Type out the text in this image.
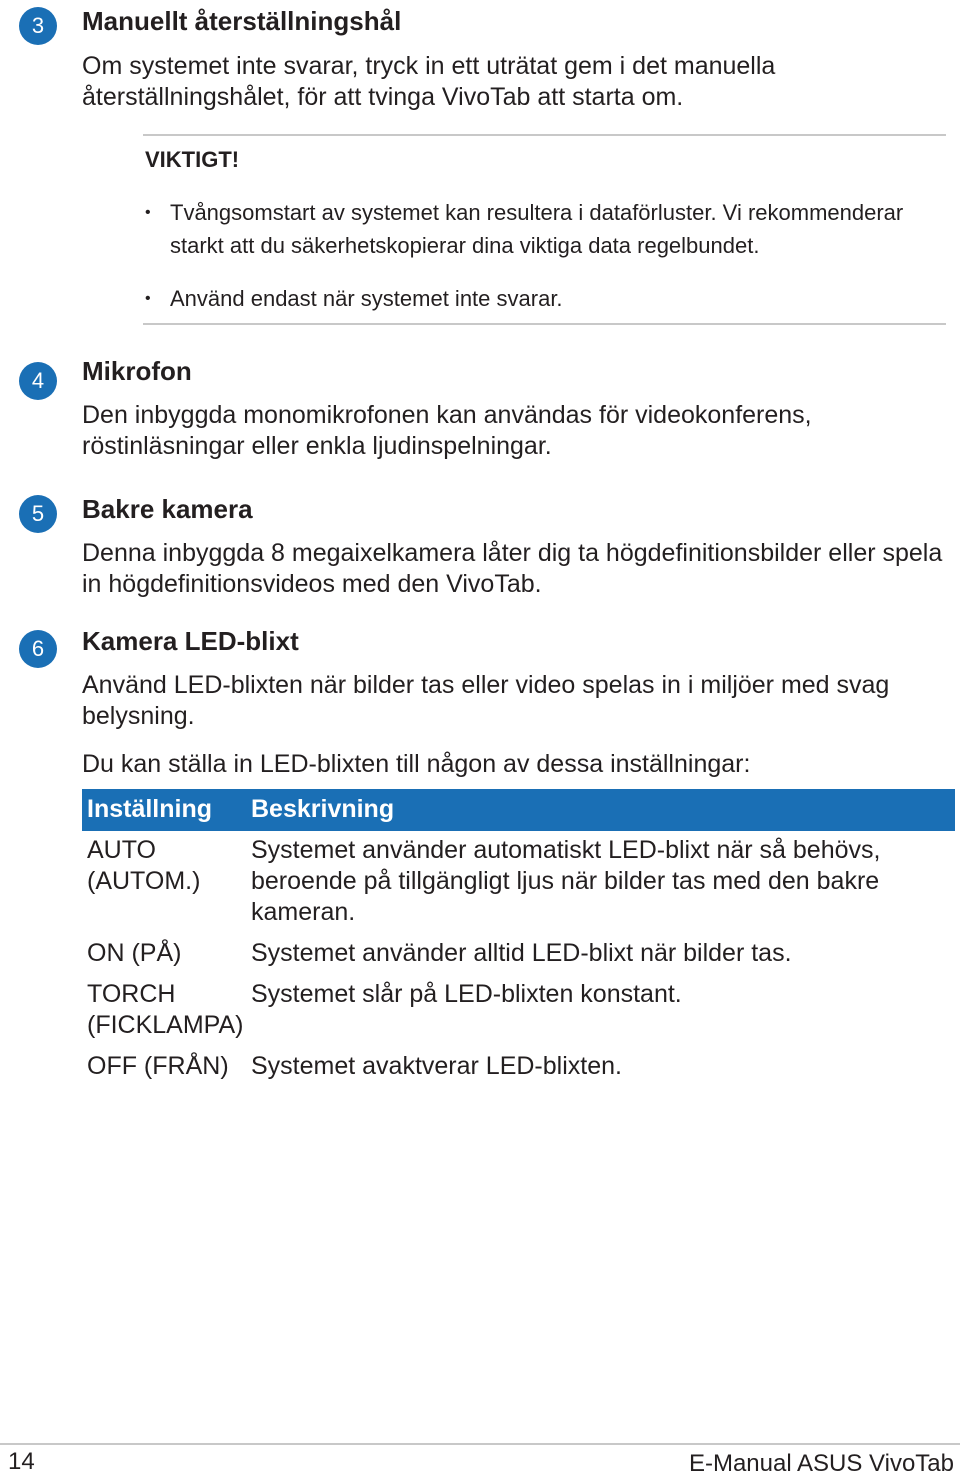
3	Manuellt återställningshål

Om systemet inte svarar, tryck in ett uträtat gem i det manuella återställningshålet, för att tvinga VivoTab att starta om.

VIKTIGT!

• Tvångsomstart av systemet kan resultera i dataförluster. Vi rekommenderar starkt att du säkerhetskopierar dina viktiga data regelbundet.

• Använd endast när systemet inte svarar.

4	Mikrofon

Den inbyggda monomikrofonen kan användas för videokonferens, röstinläsningar eller enkla ljudinspelningar.

5	Bakre kamera

Denna inbyggda 8 megaixelkamera låter dig ta högdefinitionsbilder eller spela in högdefinitionsvideos med den VivoTab.

6	Kamera LED-blixt

Använd LED-blixten när bilder tas eller video spelas in i miljöer med svag belysning.

Du kan ställa in LED-blixten till någon av dessa inställningar:

Inställning	Beskrivning
AUTO (AUTOM.)	Systemet använder automatiskt LED-blixt när så behövs, beroende på tillgängligt ljus när bilder tas med den bakre kameran.
ON (PÅ)	Systemet använder alltid LED-blixt när bilder tas.
TORCH (FICKLAMPA)	Systemet slår på LED-blixten konstant.
OFF (FRÅN)	Systemet avaktverar LED-blixten.

14	E-Manual ASUS VivoTab
